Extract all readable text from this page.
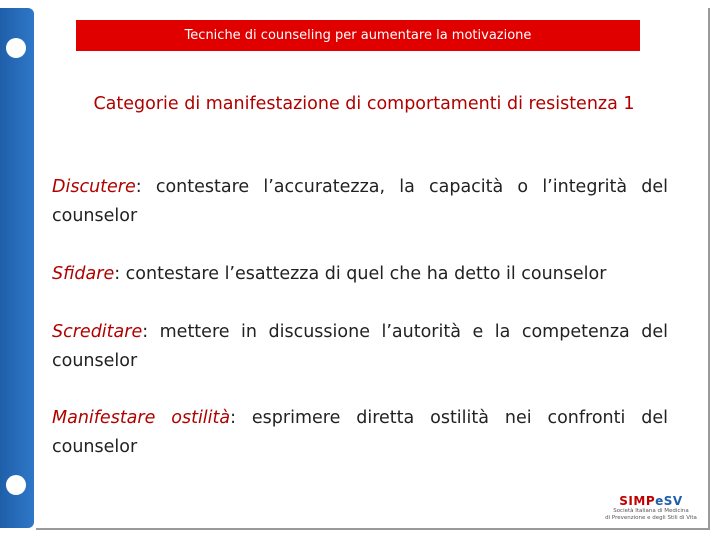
Tecniche di counseling per aumentare la motivazione
Categorie di manifestazione di comportamenti di resistenza 1
Discutere: contestare l’accuratezza, la capacità o l’integrità del counselor
Sfidare: contestare l’esattezza di quel che ha detto il counselor
Screditare: mettere in discussione l’autorità e la competenza del counselor
Manifestare ostilità: esprimere diretta ostilità nei confronti del counselor
SIMPeSV
Società Italiana di Medicina
di Prevenzione e degli Stili di Vita
